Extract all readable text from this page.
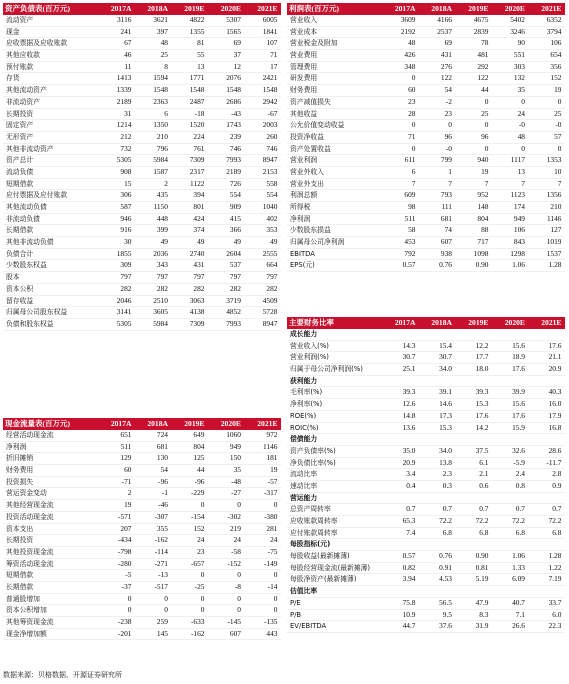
资产负债表(百万元)	2017A	2018A	2019E	2020E	2021E
流动资产	3116	3621	4822	5307	6005
现金	241	397	1355	1565	1841
应收票据及应收账款	67	48	81	69	107
其他应收款	46	25	55	37	71
预付账款	11	8	13	12	17
存货	1413	1594	1771	2076	2421
其他流动资产	1339	1548	1548	1548	1548
非流动资产	2189	2363	2487	2686	2942
长期投资	31	6	-18	-43	-67
固定资产	1214	1350	1520	1743	2003
无形资产	212	210	224	239	260
其他非流动资产	732	796	761	746	746
资产总计	5305	5984	7309	7993	8947
流动负债	908	1587	2317	2189	2153
短期借款	15	2	1122	726	558
应付票据及应付账款	306	435	394	554	554
其他流动负债	587	1150	801	909	1040
非流动负债	946	448	424	415	402
长期借款	916	399	374	366	353
其他非流动负债	30	49	49	49	49
负债合计	1855	2036	2740	2604	2555
少数股东权益	309	343	431	537	664
股本	797	797	797	797	797
资本公积	282	282	282	282	282
留存收益	2046	2510	3063	3719	4509
归属母公司股东权益	3141	3605	4138	4852	5728
负债和股东权益	5305	5984	7309	7993	8947
利润表(百万元)	2017A	2018A	2019E	2020E	2021E
营业收入	3609	4166	4675	5402	6352
营业成本	2192	2537	2839	3246	3794
营业税金及附加	48	69	78	90	106
营业费用	426	431	481	551	654
管理费用	348	276	292	303	356
研发费用	0	122	122	132	152
财务费用	60	54	44	35	19
资产减值损失	23	-2	0	0	0
其他收益	28	23	25	24	25
公允价值变动收益	0	0	0	-0	-0
投资净收益	71	96	96	48	57
资产处置收益	0	-0	0	0	0
营业利润	611	799	940	1117	1353
营业外收入	6	1	19	13	10
营业外支出	7	7	7	7	7
利润总额	609	793	952	1123	1356
所得税	98	111	148	174	210
净利润	511	681	804	949	1146
少数股东损益	58	74	88	106	127
归属母公司净利润	453	607	717	843	1019
EBITDA	792	938	1098	1298	1537
EPS(元)	0.57	0.76	0.90	1.06	1.28
主要财务比率	2017A	2018A	2019E	2020E	2021E
成长能力
营业收入(%)	14.3	15.4	12.2	15.6	17.6
营业利润(%)	30.7	30.7	17.7	18.9	21.1
归属于母公司净利润(%)	25.1	34.0	18.0	17.6	20.9
获利能力
毛利率(%)	39.3	39.1	39.3	39.9	40.3
净利率(%)	12.6	14.6	15.3	15.6	16.0
ROE(%)	14.8	17.3	17.6	17.6	17.9
ROIC(%)	13.6	15.3	14.2	15.9	16.8
偿债能力
资产负债率(%)	35.0	34.0	37.5	32.6	28.6
净负债比率(%)	20.9	13.8	6.1	-5.9	-11.7
流动比率	3.4	2.3	2.1	2.4	2.8
速动比率	0.4	0.3	0.6	0.8	0.9
营运能力
总资产周转率	0.7	0.7	0.7	0.7	0.7
应收账款周转率	65.3	72.2	72.2	72.2	72.2
应付账款周转率	7.4	6.8	6.8	6.8	6.8
每股指标(元)
每股收益(最新摊薄)	0.57	0.76	0.90	1.06	1.28
每股经营现金流(最新摊薄)	0.82	0.91	0.81	1.33	1.22
每股净资产(最新摊薄)	3.94	4.53	5.19	6.09	7.19
估值比率
P/E	75.8	56.5	47.9	40.7	33.7
P/B	10.9	9.5	8.3	7.1	6.0
EV/EBITDA	44.7	37.6	31.9	26.6	22.3
现金流量表(百万元)	2017A	2018A	2019E	2020E	2021E
经营活动现金流	651	724	649	1060	972
净利润	511	681	804	949	1146
折旧摊销	129	130	125	150	181
财务费用	60	54	44	35	19
投资损失	-71	-96	-96	-48	-57
营运资金变动	2	-1	-229	-27	-317
其他经营现金流	19	-46	0	0	0
投资活动现金流	-571	-307	-154	-302	-380
资本支出	207	355	152	219	281
长期投资	-434	-162	24	24	24
其他投资现金流	-798	-114	23	-58	-75
筹资活动现金流	-280	-271	-657	-152	-149
短期借款	-5	-13	0	0	0
长期借款	-37	-517	-25	-8	-14
普通股增加	0	0	0	0	0
资本公积增加	0	0	0	0	0
其他筹资现金流	-238	259	-633	-145	-135
现金净增加额	-201	145	-162	607	443
数据来源：贝格数据、开源证券研究所
